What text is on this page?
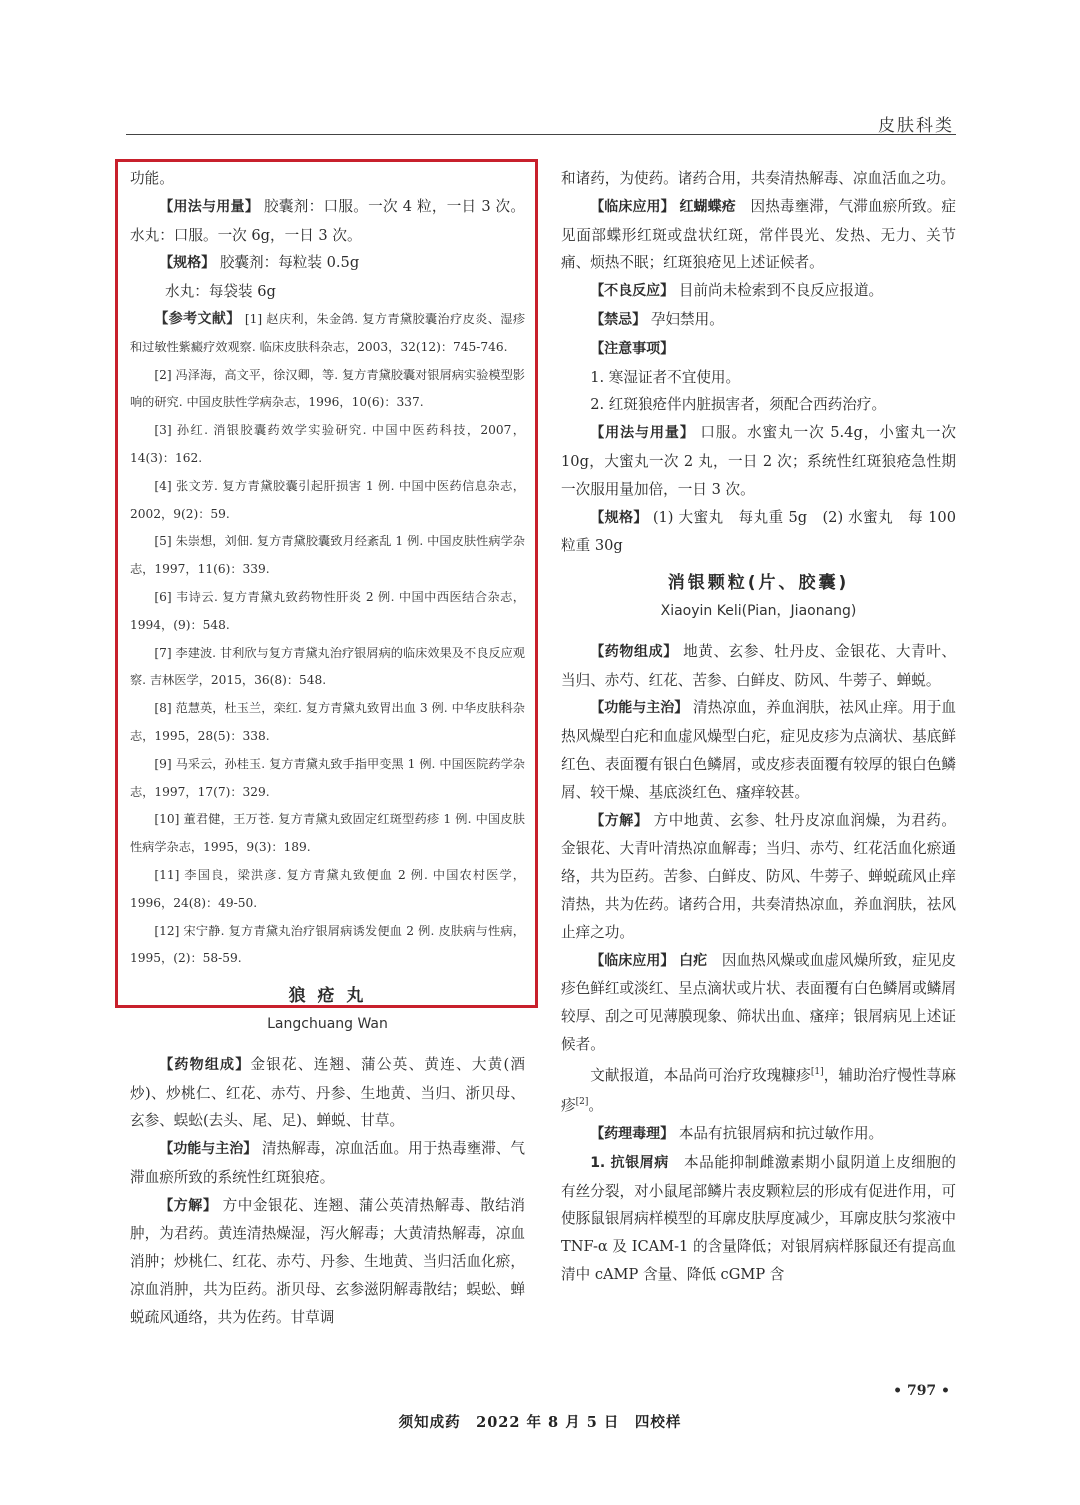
皮肤科类

功能。

【用法与用量】 胶囊剂：口服。一次 4 粒，一日 3 次。水丸：口服。一次 6g，一日 3 次。

【规格】 胶囊剂：每粒装 0.5g

水丸：每袋装 6g

【参考文献】 [1] 赵庆利，朱金鸽. 复方青黛胶囊治疗皮炎、湿疹和过敏性紫癜疗效观察. 临床皮肤科杂志，2003，32(12)：745-746.

[2] 冯泽海，高文平，徐汉卿，等. 复方青黛胶囊对银屑病实验模型影响的研究. 中国皮肤性学病杂志，1996，10(6)：337.

[3] 孙红. 消银胶囊药效学实验研究. 中国中医药科技，2007，14(3)：162.

[4] 张文芳. 复方青黛胶囊引起肝损害 1 例. 中国中医药信息杂志，2002，9(2)：59.

[5] 朱崇想，刘佃. 复方青黛胶囊致月经紊乱 1 例. 中国皮肤性病学杂志，1997，11(6)：339.

[6] 韦诗云. 复方青黛丸致药物性肝炎 2 例. 中国中西医结合杂志，1994，(9)：548.

[7] 李建波. 甘利欣与复方青黛丸治疗银屑病的临床效果及不良反应观察. 吉林医学，2015，36(8)：548.

[8] 范慧英，杜玉兰，栾红. 复方青黛丸致胃出血 3 例. 中华皮肤科杂志，1995，28(5)：338.

[9] 马采云，孙桂玉. 复方青黛丸致手指甲变黑 1 例. 中国医院药学杂志，1997，17(7)：329.

[10] 董君健，王万苍. 复方青黛丸致固定红斑型药疹 1 例. 中国皮肤性病学杂志，1995，9(3)：189.

[11] 李国良，梁洪彦. 复方青黛丸致便血 2 例. 中国农村医学，1996，24(8)：49-50.

[12] 宋宁静. 复方青黛丸治疗银屑病诱发便血 2 例. 皮肤病与性病，1995，(2)：58-59.

狼 疮 丸

Langchuang Wan

【药物组成】金银花、连翘、蒲公英、黄连、大黄(酒炒)、炒桃仁、红花、赤芍、丹参、生地黄、当归、浙贝母、玄参、蜈蚣(去头、尾、足)、蝉蜕、甘草。

【功能与主治】 清热解毒，凉血活血。用于热毒壅滞、气滞血瘀所致的系统性红斑狼疮。

【方解】 方中金银花、连翘、蒲公英清热解毒、散结消肿，为君药。黄连清热燥湿，泻火解毒；大黄清热解毒，凉血消肿；炒桃仁、红花、赤芍、丹参、生地黄、当归活血化瘀，凉血消肿，共为臣药。浙贝母、玄参滋阴解毒散结；蜈蚣、蝉蜕疏风通络，共为佐药。甘草调

和诸药，为使药。诸药合用，共奏清热解毒、凉血活血之功。

【临床应用】 红蝴蝶疮　 因热毒壅滞，气滞血瘀所致。症见面部蝶形红斑或盘状红斑，常伴畏光、发热、无力、关节痛、烦热不眠；红斑狼疮见上述证候者。

【不良反应】 目前尚未检索到不良反应报道。

【禁忌】 孕妇禁用。

【注意事项】

1. 寒湿证者不宜使用。

2. 红斑狼疮伴内脏损害者，须配合西药治疗。

【用法与用量】 口服。水蜜丸一次 5.4g，小蜜丸一次 10g，大蜜丸一次 2 丸，一日 2 次；系统性红斑狼疮急性期一次服用量加倍，一日 3 次。

【规格】 (1) 大蜜丸　每丸重 5g　(2) 水蜜丸　每 100 粒重 30g

消银颗粒(片、胶囊)

Xiaoyin Keli(Pian，Jiaonang)

【药物组成】 地黄、玄参、牡丹皮、金银花、大青叶、当归、赤芍、红花、苦参、白鲜皮、防风、牛蒡子、蝉蜕。

【功能与主治】 清热凉血，养血润肤，祛风止痒。用于血热风燥型白疕和血虚风燥型白疕，症见皮疹为点滴状、基底鲜红色、表面覆有银白色鳞屑，或皮疹表面覆有较厚的银白色鳞屑、较干燥、基底淡红色、瘙痒较甚。

【方解】 方中地黄、玄参、牡丹皮凉血润燥，为君药。金银花、大青叶清热凉血解毒；当归、赤芍、红花活血化瘀通络，共为臣药。苦参、白鲜皮、防风、牛蒡子、蝉蜕疏风止痒清热，共为佐药。诸药合用，共奏清热凉血，养血润肤，祛风止痒之功。

【临床应用】 白疕　 因血热风燥或血虚风燥所致，症见皮疹色鲜红或淡红、呈点滴状或片状、表面覆有白色鳞屑或鳞屑较厚、刮之可见薄膜现象、筛状出血、瘙痒；银屑病见上述证候者。

文献报道，本品尚可治疗玫瑰糠疹[1]，辅助治疗慢性荨麻疹[2]。

【药理毒理】 本品有抗银屑病和抗过敏作用。

1. 抗银屑病　 本品能抑制雌激素期小鼠阴道上皮细胞的有丝分裂，对小鼠尾部鳞片表皮颗粒层的形成有促进作用，可使豚鼠银屑病样模型的耳廓皮肤厚度减少，耳廓皮肤匀浆液中 TNF-α 及 ICAM-1 的含量降低；对银屑病样豚鼠还有提高血清中 cAMP 含量、降低 cGMP 含

• 797 •
须知成药　2022 年 8 月 5 日　四校样
